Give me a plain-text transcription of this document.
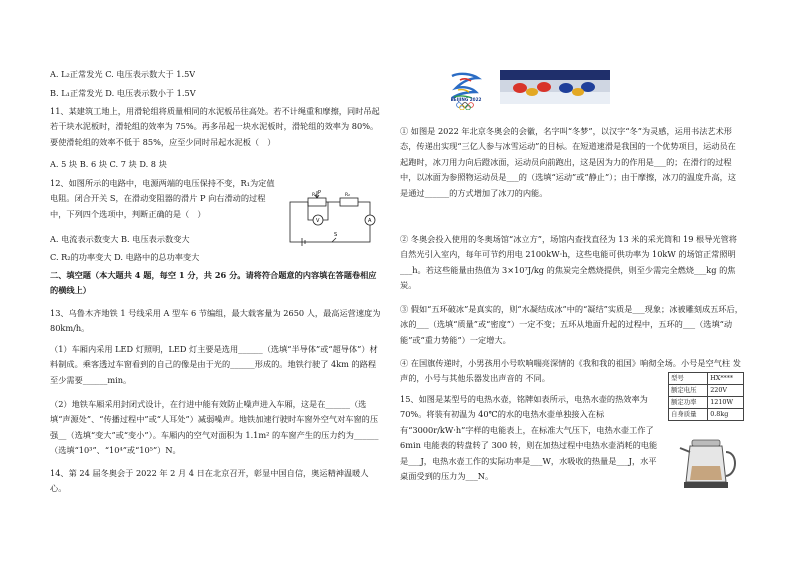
A. L₂正常发光 C. 电压表示数大于 1.5V

B. L₁正常发光 D. 电压表示数小于 1.5V

11、某建筑工地上，用滑轮组将质量相同的水泥板吊往高处。若不计绳重和摩擦，同时吊起若干块水泥板时，滑轮组的效率为 75%。再多吊起一块水泥板时，滑轮组的效率为 80%。要使滑轮组的效率不低于 85%，应至少同时吊起水泥板（　）

A. 5 块 B. 6 块 C. 7 块 D. 8 块

12、如图所示的电路中，电源两端的电压保持不变，R₁为定值电阻。闭合开关 S，在滑动变阻器的滑片 P 向右滑动的过程中，下列四个选项中，判断正确的是（　）

A. 电流表示数变大 B. 电压表示数变大

C. R₂的功率变大 D. 电路中的总功率变大

二、填空题（本大题共 4 题，每空 1 分，共 26 分。请将符合题意的内容填在答题卷相应的横线上）

13、乌鲁木齐地铁 1 号线采用 A 型车 6 节编组，最大载客量为 2650 人，最高运营速度为 80km/h。

（1）车厢内采用 LED 灯照明，LED 灯主要是选用______（选填“半导体”或“超导体”）材料制成。乘客透过车窗看到的自己的像是由于光的______形成的。地铁行驶了 4km 的路程至少需要______min。

（2）地铁车厢采用封闭式设计，在行进中能有效防止噪声进入车厢，这是在______（选填“声源处”、“传播过程中”或“人耳处”）减弱噪声。地铁加速行驶时车窗外空气对车窗的压强__（选填“变大”或“变小”）。车厢内的空气对面积为 1.1m² 的车窗产生的压力约为______（选填“10³”、“10⁴”或“10⁵”）N。

14、第 24 届冬奥会于 2022 年 2 月 4 日在北京召开，彰显中国自信，奥运精神温暖人心。

P
R₁	R₂
V	A
S
BEIJING 2022

① 如图是 2022 年北京冬奥会的会徽，名字叫“冬梦”，以汉字“冬”为灵感，运用书法艺术形态，传递出实现“三亿人参与冰雪运动”的目标。在短道速滑是我国的一个优势项目，运动员在起跑时，冰刀用力向后蹬冰面，运动员向前跑出，这是因为力的作用是___的；在滑行的过程中，以冰面为参照物运动员是___的（选填“运动”或“静止”）；由于摩擦，冰刀的温度升高，这是通过______的方式增加了冰刀的内能。

② 冬奥会投入使用的冬奥场馆“冰立方”，场馆内查找直径为 13 米的采光筒和 19 根导光管将自然光引入室内，每年可节约用电 2100kW·h，这些电能可供功率为 10kW 的场馆正常照明___h。若这些能量由热值为 3×10⁷J/kg 的焦炭完全燃烧提供，则至少需完全燃烧___kg 的焦炭。

③ 假如“五环破冰”是真实的，则“水凝结成冰”中的“凝结”实质是___现象；冰被雕刻成五环后，冰的___（选填“质量”或“密度”）一定不变；五环从地面升起的过程中，五环的___（选填“动能”或“重力势能”）一定增大。

④ 在国旗传递时，小男孩用小号吹响喘亮深情的《我和我的祖国》响彻全场。小号是空气柱 发声的，小号与其他乐器发出声音的 不同。

15、如图是某型号的电热水壶，铭牌如表所示，电热水壶的热效率为 70%。将装有初温为 40℃的水的电热水壶单独接入在标有“3000r/kW·h”字样的电能表上，在标准大气压下，电热水壶工作了 6min 电能表的转盘转了 300 转，则在加热过程中电热水壶消耗的电能是___J，电热水壶工作的实际功率是___W，水吸收的热量是___J，水平桌面受到的压力为___N。

型号	HX****
额定电压	220V
额定功率	1210W
自身质量	0.8kg
